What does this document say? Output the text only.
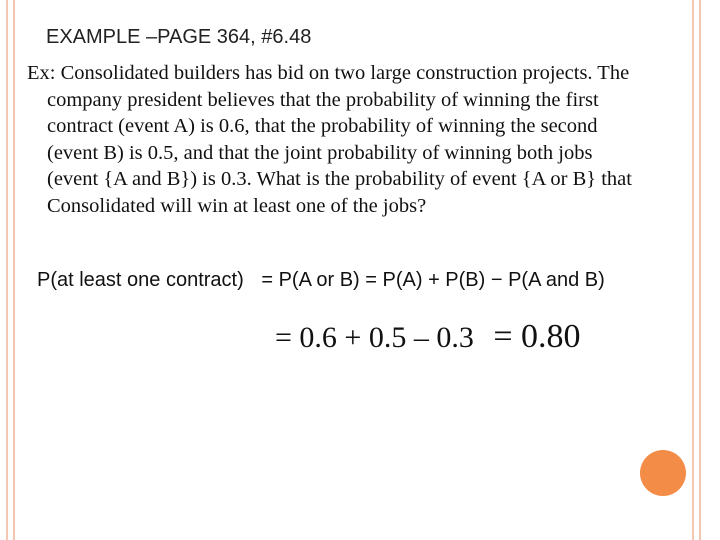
EXAMPLE –PAGE 364, #6.48
Ex: Consolidated builders has bid on two large construction projects. The
company president believes that the probability of winning the first
contract (event A) is 0.6, that the probability of winning the second
(event B) is 0.5, and that the joint probability of winning both jobs
(event {A and B}) is 0.3. What is the probability of event {A or B} that
Consolidated will win at least one of the jobs?
P(at least one contract) = P(A or B) = P(A) + P(B) − P(A and B)
= 0.6 + 0.5 – 0.3 = 0.80
